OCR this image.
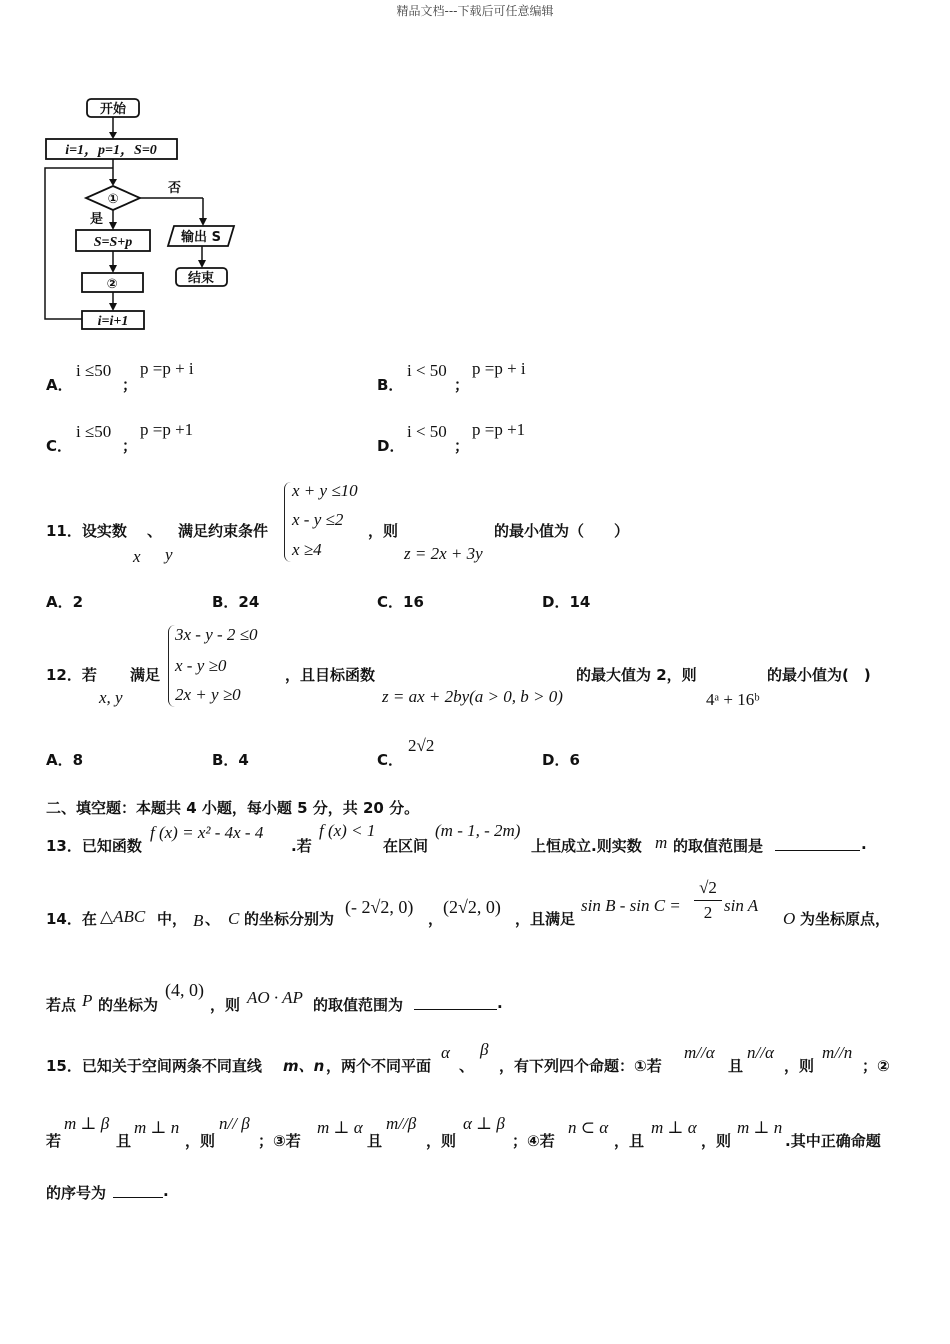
精品文档---下载后可任意编辑
开始
i=1，p=1，S=0
①
否
是
S=S+p
②
i=i+1
输出 S
结束
A．
i ≤50
；
p =p + i
B．
i < 50
；
p =p + i
C．
i ≤50
；
p =p +1
D．
i < 50
；
p =p +1
11．设实数 、 满足约束条件
x y
x + y ≤10
x - y ≤2
x ≥4
，则
z = 2x + 3y
的最小值为（　　）
A．2	B．24	C．16	D．14
12．若 满足
x, y
3x - y - 2 ≤0
x - y ≥0
2x + y ≥0
，且目标函数
z = ax + 2by(a > 0, b > 0)
的最大值为 2，则
4ᵃ + 16ᵇ
的最小值为(　)
A．8	B．4	C．
2√2
D．6
二、填空题：本题共 4 小题，每小题 5 分，共 20 分。
13．已知函数
f (x) = x² - 4x - 4
.若
f (x) < 1
在区间
(m - 1, - 2m)
上恒成立.则实数 m 的取值范围是	.
14．在 △ABC 中， B 、 C 的坐标分别为
(- 2√2, 0)
，
(2√2, 0)
，且满足
sin B - sin C =
√2
2 sin A
O 为坐标原点，
若点 P 的坐标为
(4, 0)
，则 AO · AP 的取值范围为	.
15．已知关于空间两条不同直线 m、n ，两个不同平面
α
、
β
，有下列四个命题：①若
m//α
且
n//α
，则
m//n
；②
若
m ⊥ β
且
m ⊥ n
，则
n// β
；③若
m ⊥ α
且
m//β
，则
α ⊥ β
；④若
n ⊂ α
，且
m ⊥ α
，则
m ⊥ n
.其中正确命题
的序号为	.
